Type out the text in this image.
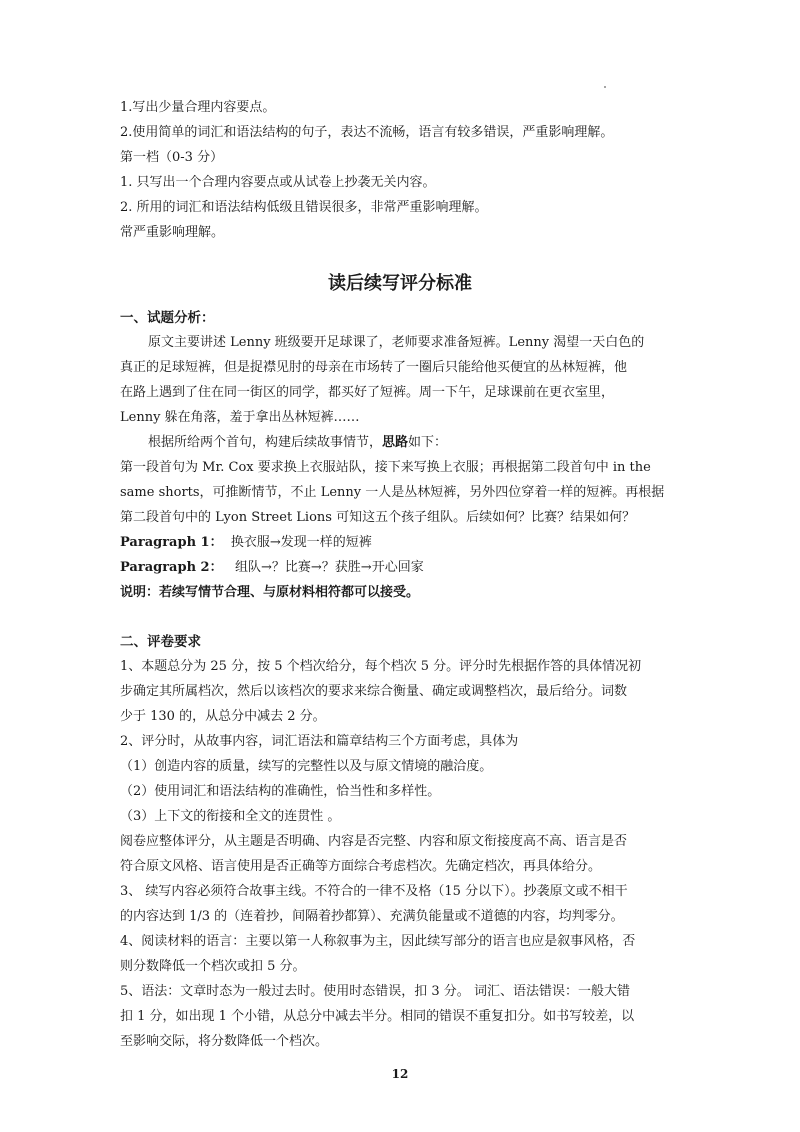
1.写出少量合理内容要点。
2.使用简单的词汇和语法结构的句子，表达不流畅，语言有较多错误，严重影响理解。
第一档（0-3 分）
1. 只写出一个合理内容要点或从试卷上抄袭无关内容。
2. 所用的词汇和语法结构低级且错误很多，非常严重影响理解。
常严重影响理解。
读后续写评分标准
一、试题分析：
原文主要讲述 Lenny 班级要开足球课了，老师要求准备短裤。Lenny 渴望一天白色的
真正的足球短裤，但是捉襟见肘的母亲在市场转了一圈后只能给他买便宜的丛林短裤，他
在路上遇到了住在同一街区的同学，都买好了短裤。周一下午，足球课前在更衣室里，
Lenny 躲在角落，羞于拿出丛林短裤……
根据所给两个首句，构建后续故事情节，思路如下：
第一段首句为 Mr. Cox 要求换上衣服站队，接下来写换上衣服；再根据第二段首句中 in the
same shorts，可推断情节，不止 Lenny 一人是丛林短裤，另外四位穿着一样的短裤。再根据
第二段首句中的 Lyon Street Lions 可知这五个孩子组队。后续如何？比赛？结果如何？
Paragraph 1： 换衣服→发现一样的短裤
Paragraph 2： 组队→？比赛→？获胜→开心回家
说明：若续写情节合理、与原材料相符都可以接受。
二、评卷要求
1、本题总分为 25 分，按 5 个档次给分，每个档次 5 分。评分时先根据作答的具体情况初
步确定其所属档次，然后以该档次的要求来综合衡量、确定或调整档次，最后给分。词数
少于 130 的，从总分中减去 2 分。
2、评分时，从故事内容，词汇语法和篇章结构三个方面考虑，具体为
（1）创造内容的质量，续写的完整性以及与原文情境的融洽度。
（2）使用词汇和语法结构的准确性，恰当性和多样性。
（3）上下文的衔接和全文的连贯性 。
阅卷应整体评分，从主题是否明确、内容是否完整、内容和原文衔接度高不高、语言是否
符合原文风格、语言使用是否正确等方面综合考虑档次。先确定档次，再具体给分。
3、 续写内容必须符合故事主线。不符合的一律不及格（15 分以下）。抄袭原文或不相干
的内容达到 1/3 的（连着抄，间隔着抄都算）、充满负能量或不道德的内容，均判零分。
4、阅读材料的语言：主要以第一人称叙事为主，因此续写部分的语言也应是叙事风格，否
则分数降低一个档次或扣 5 分。
5、语法：文章时态为一般过去时。使用时态错误，扣 3 分。 词汇、语法错误：一般大错
扣 1 分，如出现 1 个小错，从总分中减去半分。相同的错误不重复扣分。如书写较差，以
至影响交际，将分数降低一个档次。
12
